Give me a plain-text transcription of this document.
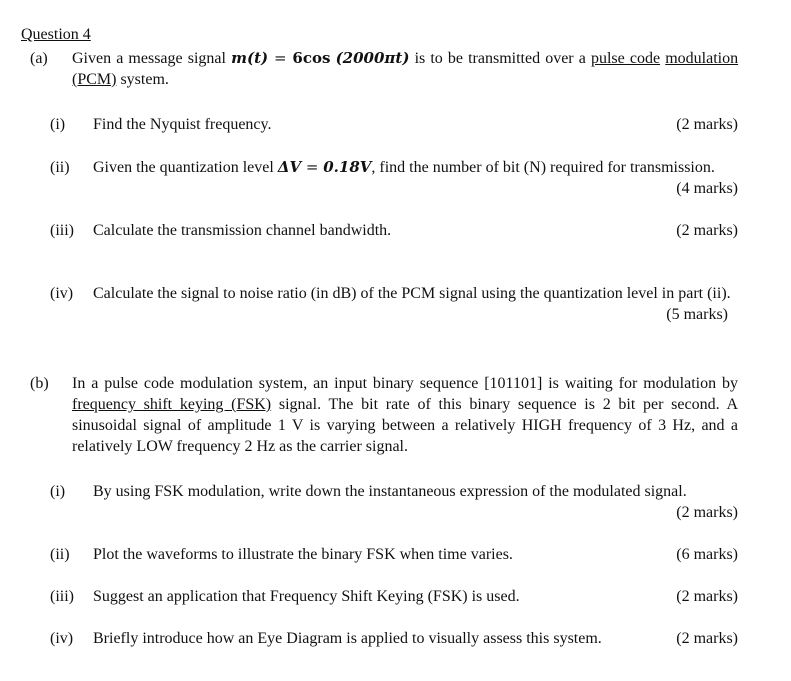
Question 4
(a) Given a message signal m(t) = 6cos (2000πt) is to be transmitted over a pulse code modulation (PCM) system.
(i) Find the Nyquist frequency.	(2 marks)
(ii) Given the quantization level ΔV = 0.18V, find the number of bit (N) required for transmission.
(4 marks)
(iii) Calculate the transmission channel bandwidth.	(2 marks)
(iv) Calculate the signal to noise ratio (in dB) of the PCM signal using the quantization level in part (ii).
(5 marks)
(b) In a pulse code modulation system, an input binary sequence [101101] is waiting for modulation by frequency shift keying (FSK) signal. The bit rate of this binary sequence is 2 bit per second. A sinusoidal signal of amplitude 1 V is varying between a relatively HIGH frequency of 3 Hz, and a relatively LOW frequency 2 Hz as the carrier signal.
(i) By using FSK modulation, write down the instantaneous expression of the modulated signal.
(2 marks)
(ii) Plot the waveforms to illustrate the binary FSK when time varies.	(6 marks)
(iii) Suggest an application that Frequency Shift Keying (FSK) is used.	(2 marks)
(iv) Briefly introduce how an Eye Diagram is applied to visually assess this system.	(2 marks)
